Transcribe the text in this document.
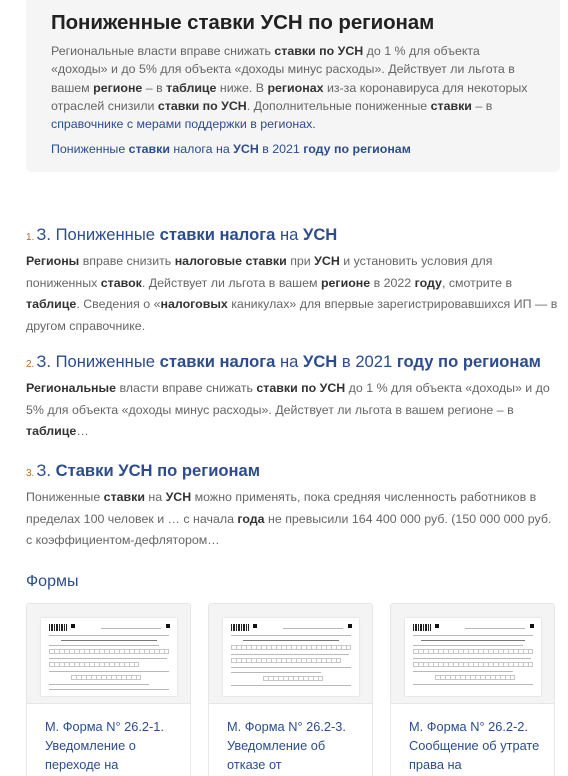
Пониженные ставки УСН по регионам
Региональные власти вправе снижать ставки по УСН до 1 % для объекта «доходы» и до 5% для объекта «доходы минус расходы». Действует ли льгота в вашем регионе – в таблице ниже. В регионах из-за коронавируса для некоторых отраслей снизили ставки по УСН. Дополнительные пониженные ставки – в справочнике с мерами поддержки в регионах.
Пониженные ставки налога на УСН в 2021 году по регионам
1. З. Пониженные ставки налога на УСН
Регионы вправе снизить налоговые ставки при УСН и установить условия для пониженных ставок. Действует ли льгота в вашем регионе в 2022 году, смотрите в таблице. Сведения о «налоговых каникулах» для впервые зарегистрировавшихся ИП — в другом справочнике.
2. З. Пониженные ставки налога на УСН в 2021 году по регионам
Региональные власти вправе снижать ставки по УСН до 1 % для объекта «доходы» и до 5% для объекта «доходы минус расходы». Действует ли льгота в вашем регионе – в таблице…
3. З. Ставки УСН по регионам
Пониженные ставки на УСН можно применять, пока средняя численность работников в пределах 100 человек и … с начала года не превысили 164 400 000 руб. (150 000 000 руб. с коэффициентом-дефлятором…
Формы
М. Форма N° 26.2-1. Уведомление о переходе на
М. Форма N° 26.2-3. Уведомление об отказе от
М. Форма N° 26.2-2. Сообщение об утрате права на
